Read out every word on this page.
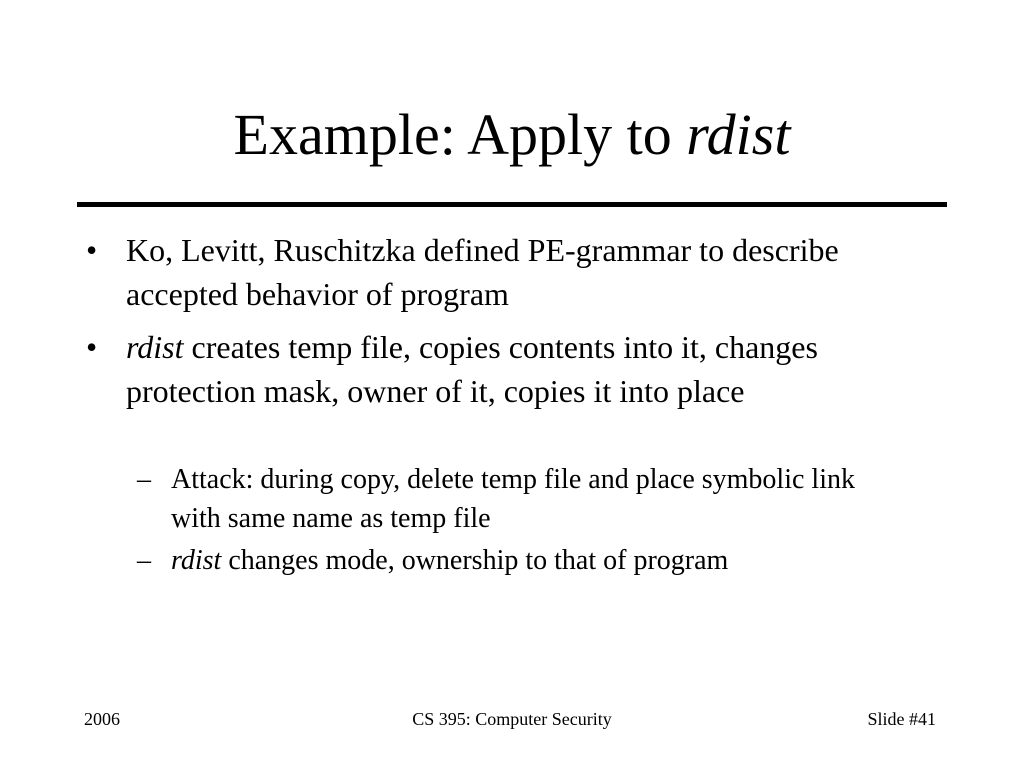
Example: Apply to rdist
• Ko, Levitt, Ruschitzka defined PE-grammar to describe accepted behavior of program
• rdist creates temp file, copies contents into it, changes protection mask, owner of it, copies it into place
– Attack: during copy, delete temp file and place symbolic link with same name as temp file
– rdist changes mode, ownership to that of program
2006	CS 395: Computer Security	Slide #41
